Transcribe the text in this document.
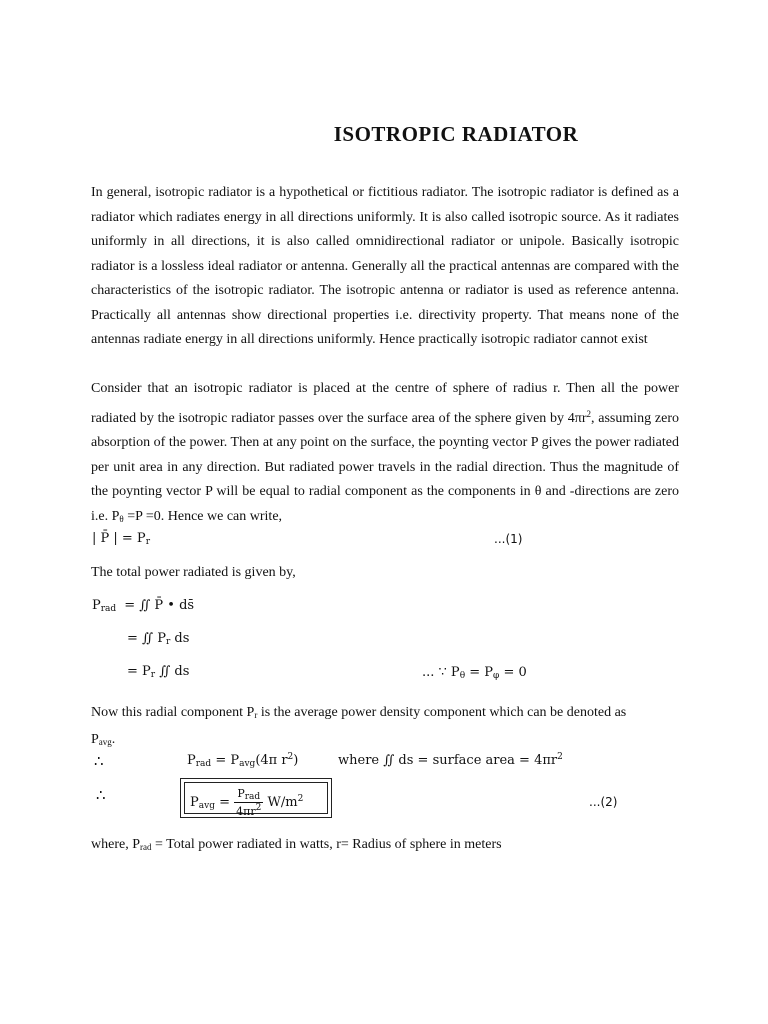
ISOTROPIC RADIATOR

In general, isotropic radiator is a hypothetical or fictitious radiator. The isotropic radiator is defined as a radiator which radiates energy in all directions uniformly. It is also called isotropic source. As it radiates uniformly in all directions, it is also called omnidirectional radiator or unipole. Basically isotropic radiator is a lossless ideal radiator or antenna. Generally all the practical antennas are compared with the characteristics of the isotropic radiator. The isotropic antenna or radiator is used as reference antenna. Practically all antennas show directional properties i.e. directivity property. That means none of the antennas radiate energy in all directions uniformly. Hence practically isotropic radiator cannot exist

Consider that an isotropic radiator is placed at the centre of sphere of radius r. Then all the power radiated by the isotropic radiator passes over the surface area of the sphere given by $4\pi r^2$, assuming zero absorption of the power. Then at any point on the surface, the poynting vector P gives the power radiated per unit area in any direction. But radiated power travels in the radial direction. Thus the magnitude of the poynting vector P will be equal to radial component as the components in θ and -directions are zero i.e. $P_\theta =P =0$. Hence we can write,

| P̄ | = $P_r$	...(1)
The total power radiated is given by,
$P_{rad}$ = ∬ P̄ • ds̄
= ∬ $P_r$ ds
= $P_r$ ∬ ds	... ∵ $P_\theta = P_\varphi = 0$

Now this radial component $P_r$ is the average power density component which can be denoted as
$P_{avg}$.

∴	$P_{rad} = P_{avg}(4\pi$ $r^2$)	where ∬ ds = surface area = $4\pi r^2$
∴	$P_{avg} = \frac{P_{rad}}{4\pi r^2} W/m^2$	...(2)
where, $P_{rad}$ = Total power radiated in watts, r= Radius of sphere in meters
